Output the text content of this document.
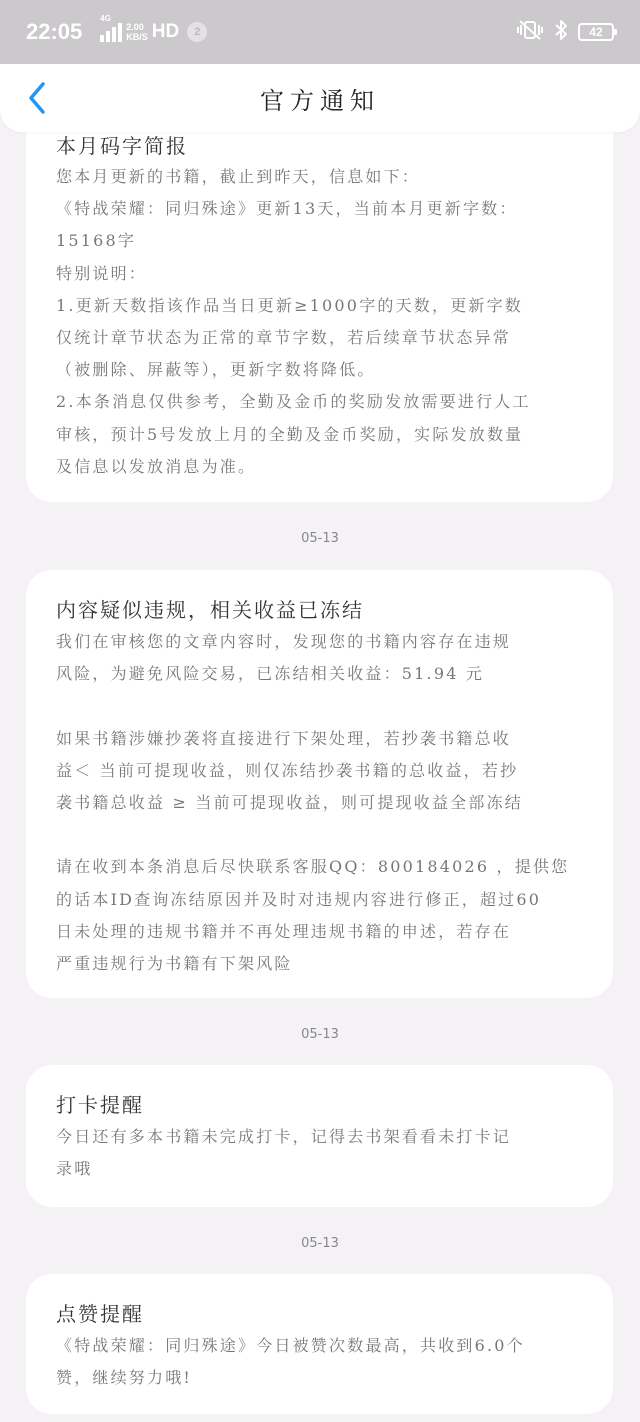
本月码字简报

您本月更新的书籍，截止到昨天，信息如下：

《特战荣耀：同归殊途》更新13天，当前本月更新字数：

15168字

特别说明：

1.更新天数指该作品当日更新≥1000字的天数，更新字数

仅统计章节状态为正常的章节字数，若后续章节状态异常

（被删除、屏蔽等），更新字数将降低。

2.本条消息仅供参考，全勤及金币的奖励发放需要进行人工

审核，预计5号发放上月的全勤及金币奖励，实际发放数量

及信息以发放消息为准。

05-13
内容疑似违规，相关收益已冻结

我们在审核您的文章内容时，发现您的书籍内容存在违规

风险，为避免风险交易，已冻结相关收益：51.94 元

如果书籍涉嫌抄袭将直接进行下架处理，若抄袭书籍总收

益＜ 当前可提现收益，则仅冻结抄袭书籍的总收益，若抄

袭书籍总收益 ≥ 当前可提现收益，则可提现收益全部冻结

请在收到本条消息后尽快联系客服QQ：800184026 ，提供您

的话本ID查询冻结原因并及时对违规内容进行修正，超过60

日未处理的违规书籍并不再处理违规书籍的申述，若存在

严重违规行为书籍有下架风险

05-13
打卡提醒

今日还有多本书籍未完成打卡，记得去书架看看未打卡记

录哦

05-13
点赞提醒

《特战荣耀：同归殊途》今日被赞次数最高，共收到6.0个

赞，继续努力哦!

22:05
4G
2.00
KB/S HD	2	42
官方通知
